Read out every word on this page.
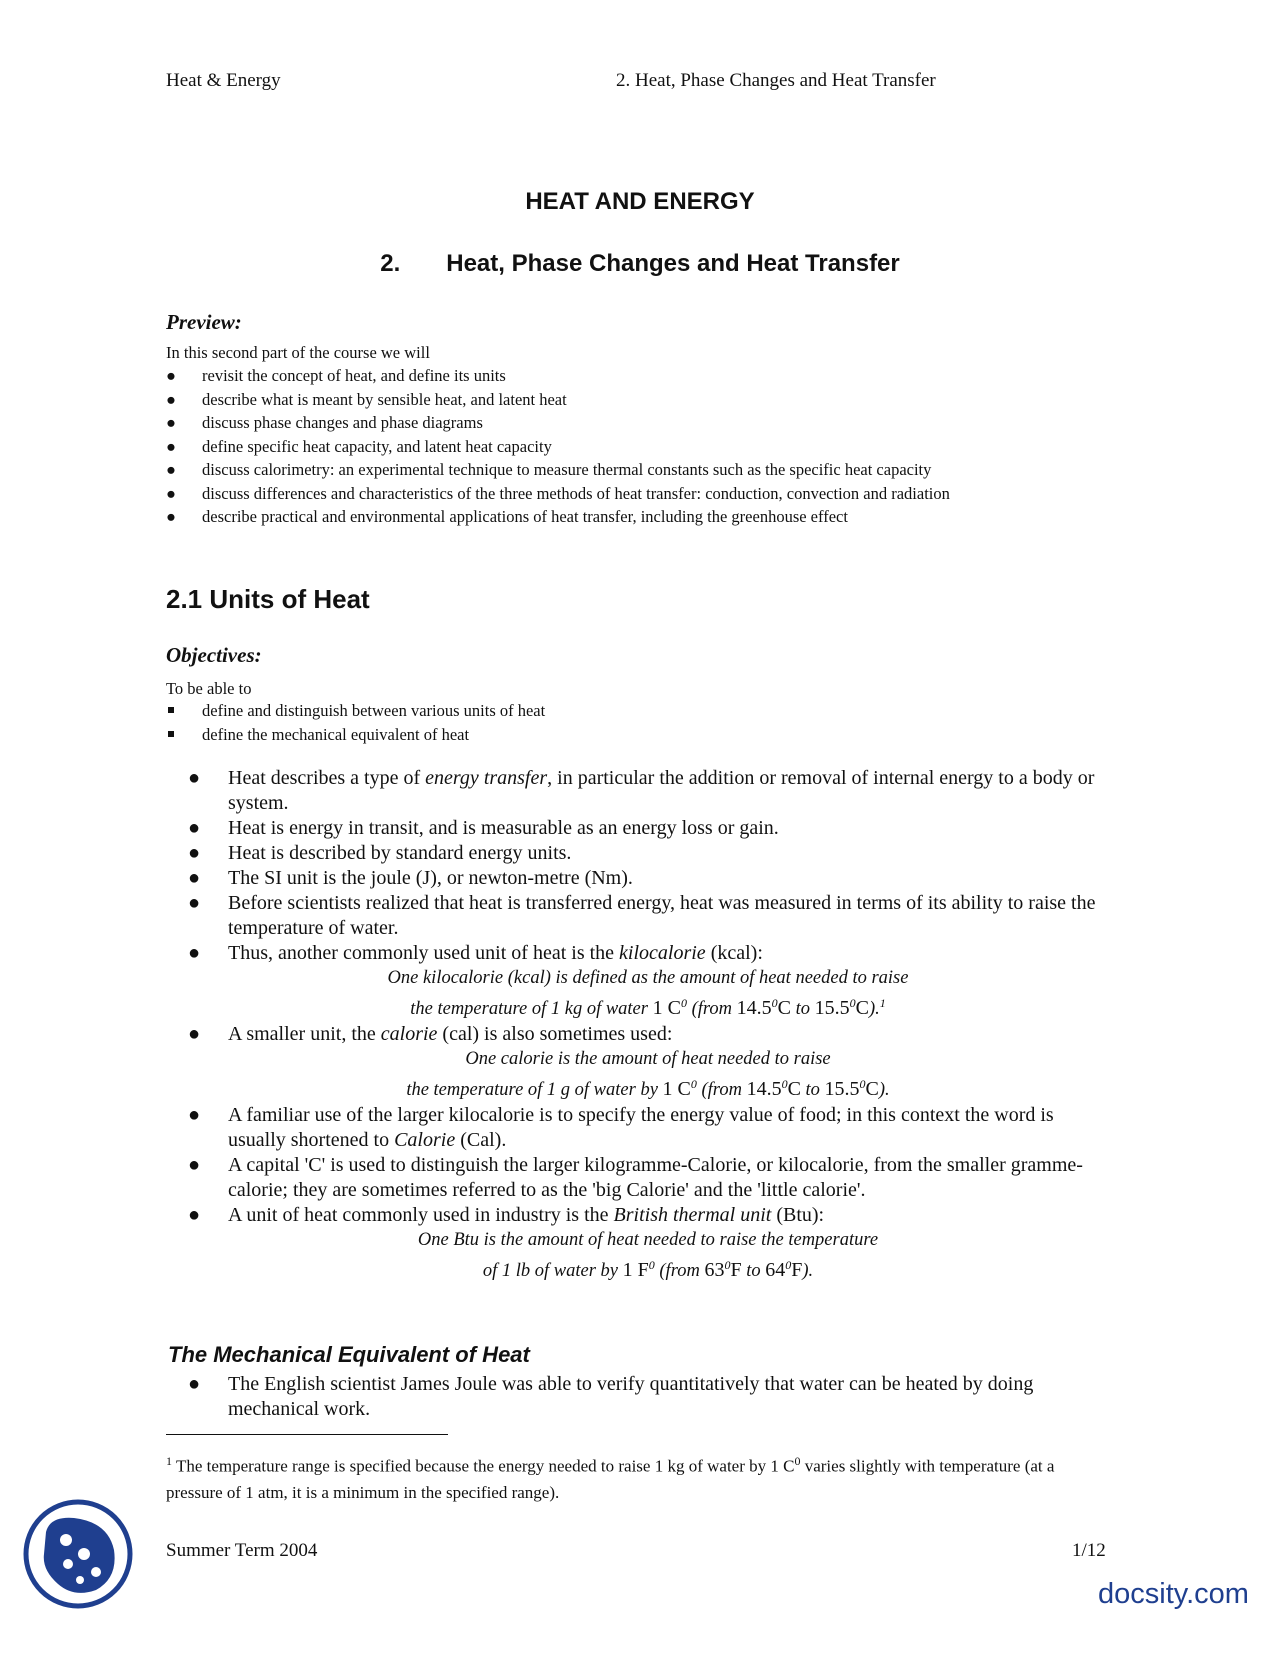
Heat & Energy	2. Heat, Phase Changes and Heat Transfer
HEAT AND ENERGY
2. Heat, Phase Changes and Heat Transfer
Preview:
In this second part of the course we will
● revisit the concept of heat, and define its units
● describe what is meant by sensible heat, and latent heat
● discuss phase changes and phase diagrams
● define specific heat capacity, and latent heat capacity
● discuss calorimetry: an experimental technique to measure thermal constants such as the specific heat capacity
● discuss differences and characteristics of the three methods of heat transfer: conduction, convection and radiation
● describe practical and environmental applications of heat transfer, including the greenhouse effect
2.1 Units of Heat
Objectives:
To be able to
define and distinguish between various units of heat
define the mechanical equivalent of heat
● Heat describes a type of energy transfer, in particular the addition or removal of internal energy to a body or system.
● Heat is energy in transit, and is measurable as an energy loss or gain.
● Heat is described by standard energy units.
● The SI unit is the joule (J), or newton-metre (Nm).
● Before scientists realized that heat is transferred energy, heat was measured in terms of its ability to raise the temperature of water.
● Thus, another commonly used unit of heat is the kilocalorie (kcal):
One kilocalorie (kcal) is defined as the amount of heat needed to raise
the temperature of 1 kg of water 1 $C^0$ (from 14.5$^0$C to 15.5$^0$C).$^1$
● A smaller unit, the calorie (cal) is also sometimes used:
One calorie is the amount of heat needed to raise
the temperature of 1 g of water by 1 $C^0$ (from 14.5$^0$C to 15.5$^0$C).
● A familiar use of the larger kilocalorie is to specify the energy value of food; in this context the word is usually shortened to Calorie (Cal).
● A capital 'C' is used to distinguish the larger kilogramme-Calorie, or kilocalorie, from the smaller gramme-calorie; they are sometimes referred to as the 'big Calorie' and the 'little calorie'.
● A unit of heat commonly used in industry is the British thermal unit (Btu):
One Btu is the amount of heat needed to raise the temperature
of 1 lb of water by 1 $F^0$ (from $63^0F$ to $64^0F$).
The Mechanical Equivalent of Heat
● The English scientist James Joule was able to verify quantitatively that water can be heated by doing mechanical work.
$^1$ The temperature range is specified because the energy needed to raise 1 kg of water by 1 $C^0$ varies slightly with temperature (at a pressure of 1 atm, it is a minimum in the specified range).
Summer Term 2004	1/12
docsity.com
